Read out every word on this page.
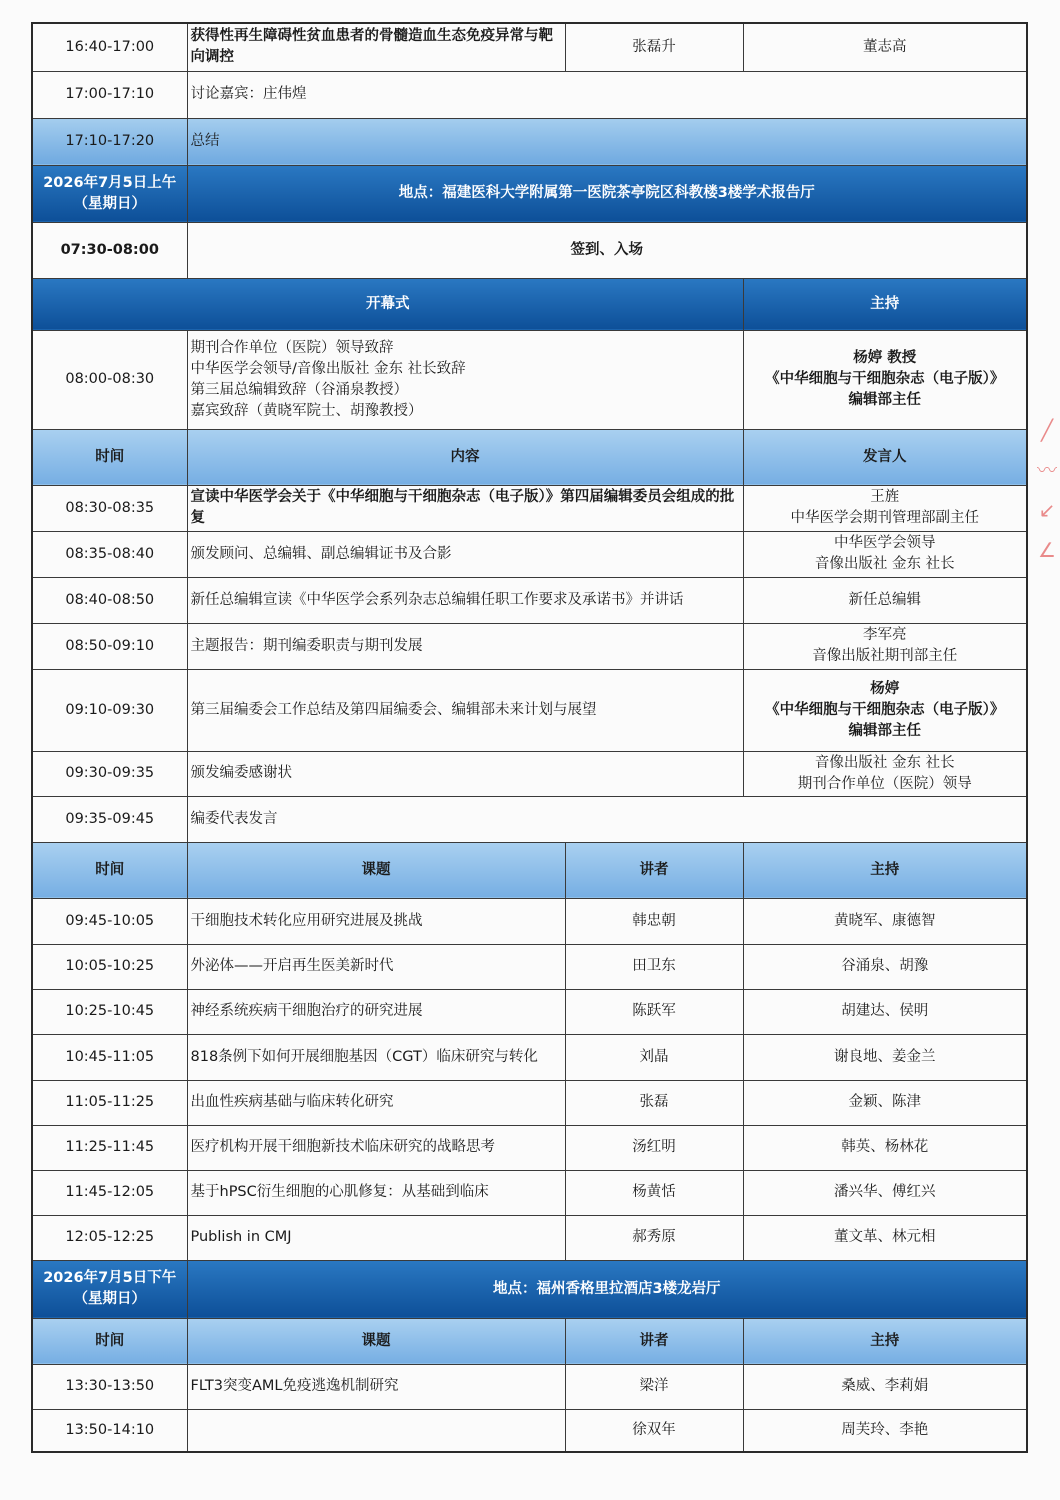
16:40-17:00	获得性再生障碍性贫血患者的骨髓造血生态免疫异常与靶向调控	张磊升	董志高
17:00-17:10	讨论嘉宾：庄伟煌		
17:10-17:20	总结		

2026年7月5日上午
（星期日）	地点：福建医科大学附属第一医院茶亭院区科教楼3楼学术报告厅		
07:30-08:00	签到、入场		
开幕式			主持
08:00-08:30	期刊合作单位（医院）领导致辞
中华医学会领导/音像出版社 金东 社长致辞
第三届总编辑致辞（谷涌泉教授）
嘉宾致辞（黄晓军院士、胡豫教授）		杨婷 教授
《中华细胞与干细胞杂志（电子版）》
编辑部主任

时间	内容		发言人
08:30-08:35	宣读中华医学会关于《中华细胞与干细胞杂志（电子版）》第四届编辑委员会组成的批复		王旌
中华医学会期刊管理部副主任

08:35-08:40	颁发顾问、总编辑、副总编辑证书及合影		中华医学会领导
音像出版社 金东 社长

08:40-08:50	新任总编辑宣读《中华医学会系列杂志总编辑任职工作要求及承诺书》并讲话		新任总编辑
08:50-09:10	主题报告：期刊编委职责与期刊发展		李军亮
音像出版社期刊部主任

09:10-09:30	第三届编委会工作总结及第四届编委会、编辑部未来计划与展望		杨婷
《中华细胞与干细胞杂志（电子版）》
编辑部主任

09:30-09:35	颁发编委感谢状		音像出版社 金东 社长
期刊合作单位（医院）领导

09:35-09:45	编委代表发言		
时间	课题	讲者	主持
09:45-10:05	干细胞技术转化应用研究进展及挑战	韩忠朝	黄晓军、康德智
10:05-10:25	外泌体——开启再生医美新时代	田卫东	谷涌泉、胡豫
10:25-10:45	神经系统疾病干细胞治疗的研究进展	陈跃军	胡建达、侯明
10:45-11:05	818条例下如何开展细胞基因（CGT）临床研究与转化	刘晶	谢良地、姜金兰
11:05-11:25	出血性疾病基础与临床转化研究	张磊	金颖、陈津
11:25-11:45	医疗机构开展干细胞新技术临床研究的战略思考	汤红明	韩英、杨林花
11:45-12:05	基于hPSC衍生细胞的心肌修复：从基础到临床	杨黄恬	潘兴华、傅红兴
12:05-12:25	Publish in CMJ	郝秀原	董文革、林元相

2026年7月5日下午
（星期日）	地点：福州香格里拉酒店3楼龙岩厅		
时间	课题	讲者	主持
13:30-13:50	FLT3突变AML免疫逃逸机制研究	梁洋	桑威、李莉娟
13:50-14:10		徐双年	周芙玲、李艳
╱
〰
↙
∠
